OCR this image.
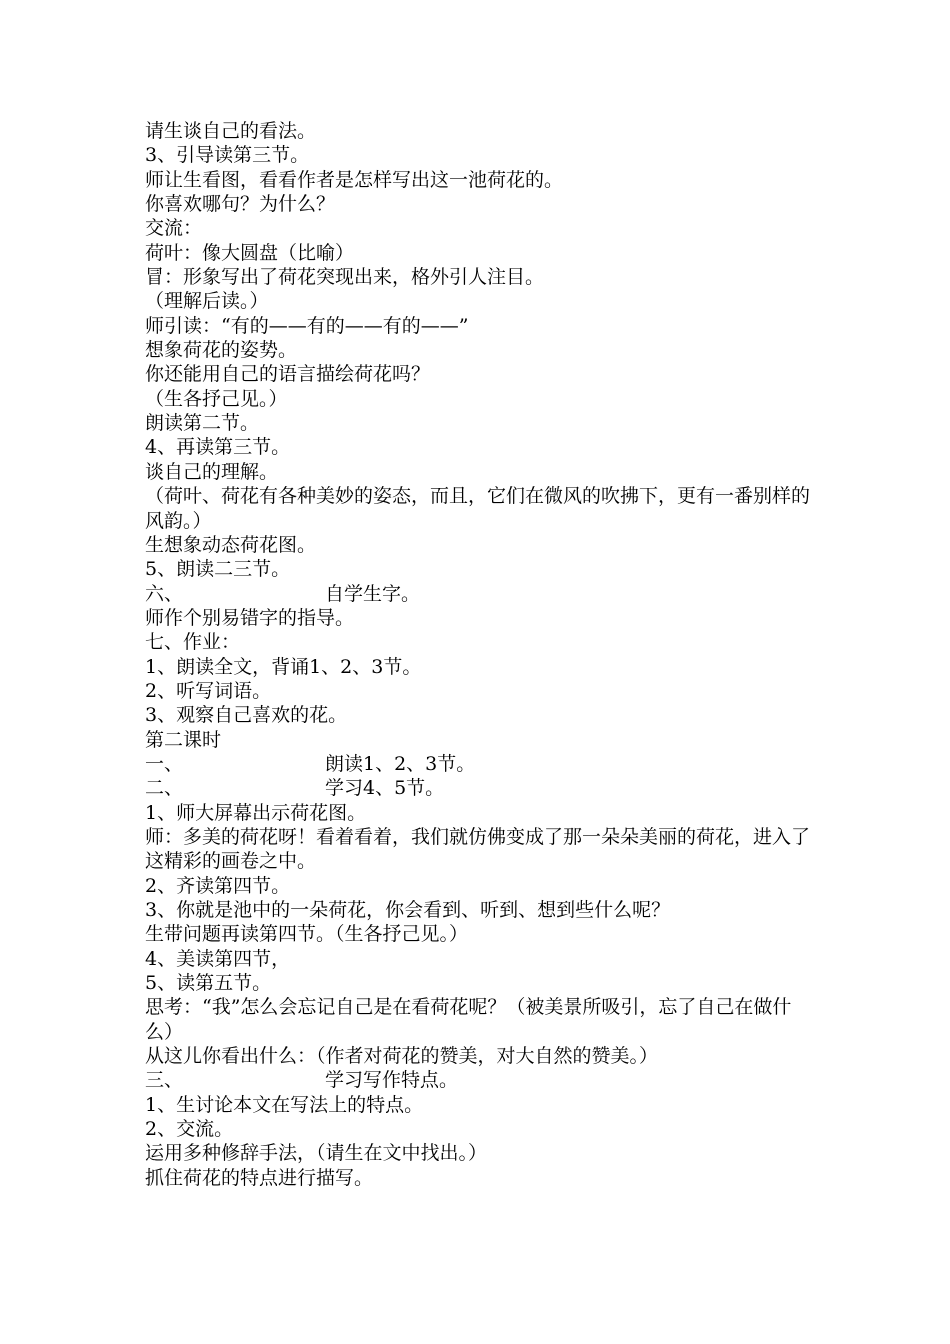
请生谈自己的看法。
3、引导读第三节。
师让生看图，看看作者是怎样写出这一池荷花的。
你喜欢哪句？为什么？
交流：
荷叶：像大圆盘（比喻）
冒：形象写出了荷花突现出来，格外引人注目。
（理解后读。）
师引读：“有的——有的——有的——”
想象荷花的姿势。
你还能用自己的语言描绘荷花吗？
（生各抒己见。）
朗读第二节。
4、再读第三节。
谈自己的理解。
（荷叶、荷花有各种美妙的姿态，而且，它们在微风的吹拂下，更有一番别样的风韵。）
生想象动态荷花图。
5、朗读二三节。
六、	自学生字。
师作个别易错字的指导。
七、作业：
1、朗读全文，背诵1、2、3节。
2、听写词语。
3、观察自己喜欢的花。
第二课时
一、	朗读1、2、3节。
二、	学习4、5节。
1、师大屏幕出示荷花图。
师：多美的荷花呀！看着看着，我们就仿佛变成了那一朵朵美丽的荷花，进入了这精彩的画卷之中。
2、齐读第四节。
3、你就是池中的一朵荷花，你会看到、听到、想到些什么呢？
生带问题再读第四节。（生各抒己见。）
4、美读第四节，
5、读第五节。
思考：“我”怎么会忘记自己是在看荷花呢？（被美景所吸引，忘了自己在做什么）
从这儿你看出什么：（作者对荷花的赞美，对大自然的赞美。）
三、	学习写作特点。
1、生讨论本文在写法上的特点。
2、交流。
运用多种修辞手法，（请生在文中找出。）
抓住荷花的特点进行描写。
